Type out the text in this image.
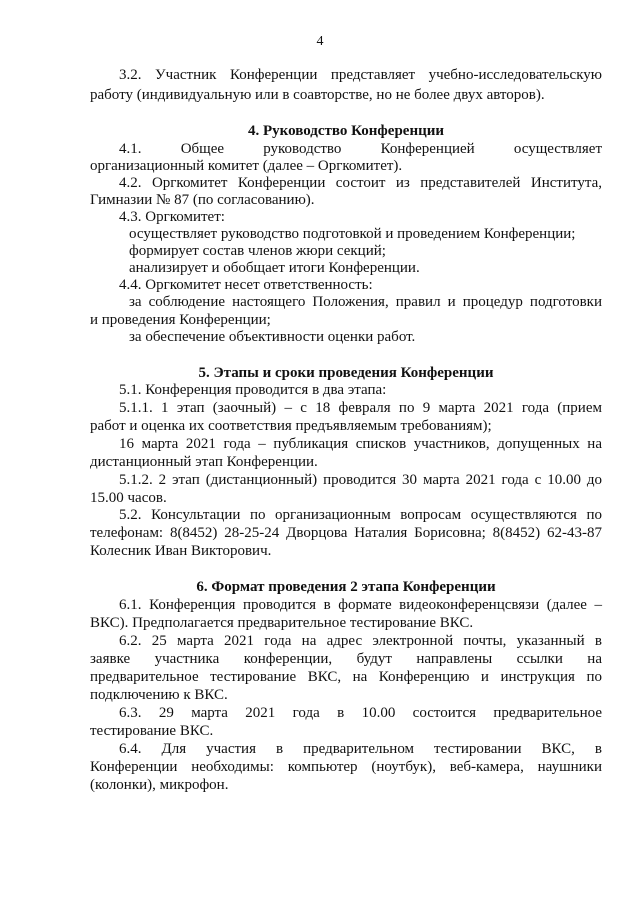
4
3.2. Участник Конференции представляет учебно-исследовательскую
работу (индивидуальную или в соавторстве, но не более двух авторов).
4. Руководство Конференции
4.1. Общее руководство Конференцией осуществляет
организационный комитет (далее – Оргкомитет).
4.2. Оргкомитет Конференции состоит из представителей Института,
Гимназии № 87 (по согласованию).
4.3. Оргкомитет:
осуществляет руководство подготовкой и проведением Конференции;
формирует состав членов жюри секций;
анализирует и обобщает итоги Конференции.
4.4. Оргкомитет несет ответственность:
за соблюдение настоящего Положения, правил и процедур подготовки
и проведения Конференции;
за обеспечение объективности оценки работ.
5. Этапы и сроки проведения Конференции
5.1. Конференция проводится в два этапа:
5.1.1. 1 этап (заочный) – с 18 февраля по 9 марта 2021 года (прием
работ и оценка их соответствия предъявляемым требованиям);
16 марта 2021 года – публикация списков участников, допущенных на
дистанционный этап Конференции.
5.1.2. 2 этап (дистанционный) проводится 30 марта 2021 года с 10.00 до
15.00 часов.
5.2. Консультации по организационным вопросам осуществляются по
телефонам: 8(8452) 28-25-24 Дворцова Наталия Борисовна; 8(8452) 62-43-87
Колесник Иван Викторович.
6. Формат проведения 2 этапа Конференции
6.1. Конференция проводится в формате видеоконференцсвязи (далее –
ВКС). Предполагается предварительное тестирование ВКС.
6.2. 25 марта 2021 года на адрес электронной почты, указанный в
заявке участника конференции, будут направлены ссылки на
предварительное тестирование ВКС, на Конференцию и инструкция по
подключению к ВКС.
6.3. 29 марта 2021 года в 10.00 состоится предварительное
тестирование ВКС.
6.4. Для участия в предварительном тестировании ВКС, в
Конференции необходимы: компьютер (ноутбук), веб-камера, наушники
(колонки), микрофон.
